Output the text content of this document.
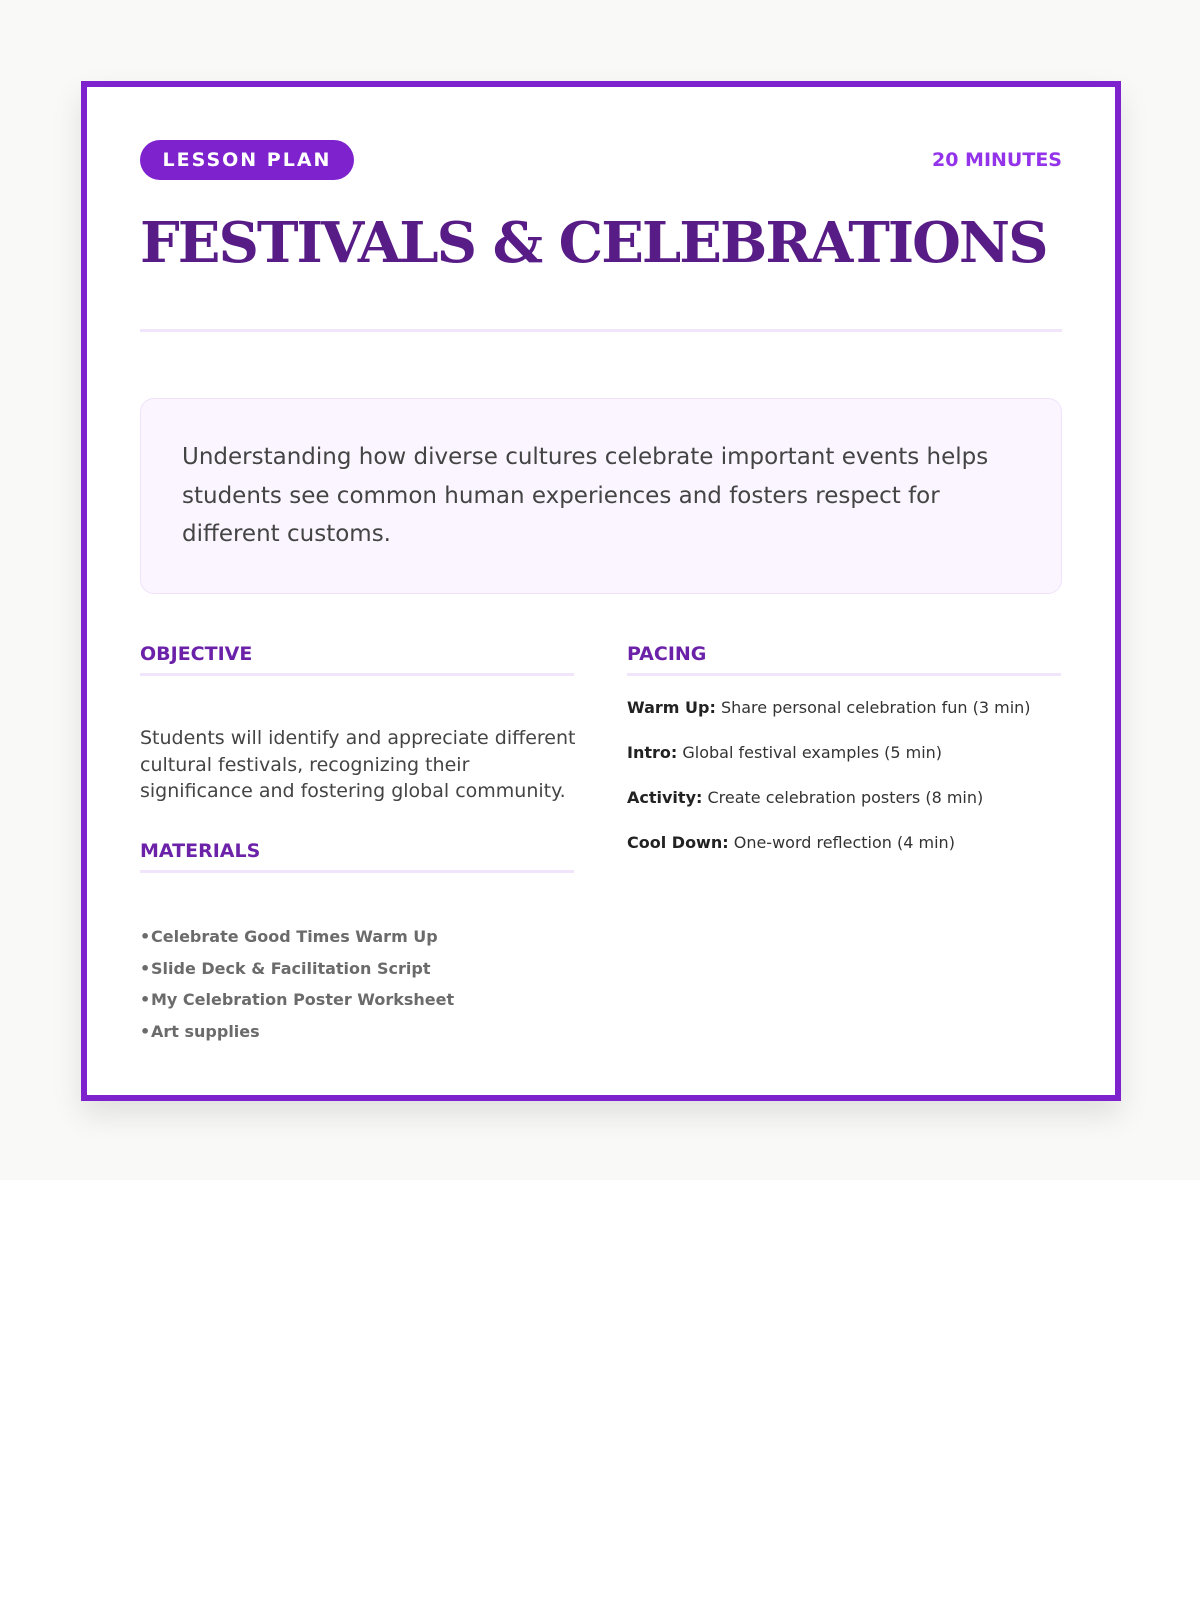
LESSON PLAN	20 MINUTES
FESTIVALS & CELEBRATIONS

Understanding how diverse cultures celebrate important events helps students see common human experiences and fosters respect for different customs.

OBJECTIVE

Students will identify and appreciate different cultural festivals, recognizing their significance and fostering global community.

MATERIALS
•Celebrate Good Times Warm Up
•Slide Deck & Facilitation Script
•My Celebration Poster Worksheet
•Art supplies
PACING
Warm Up: Share personal celebration fun (3 min)
Intro: Global festival examples (5 min)
Activity: Create celebration posters (8 min)
Cool Down: One-word reflection (4 min)
